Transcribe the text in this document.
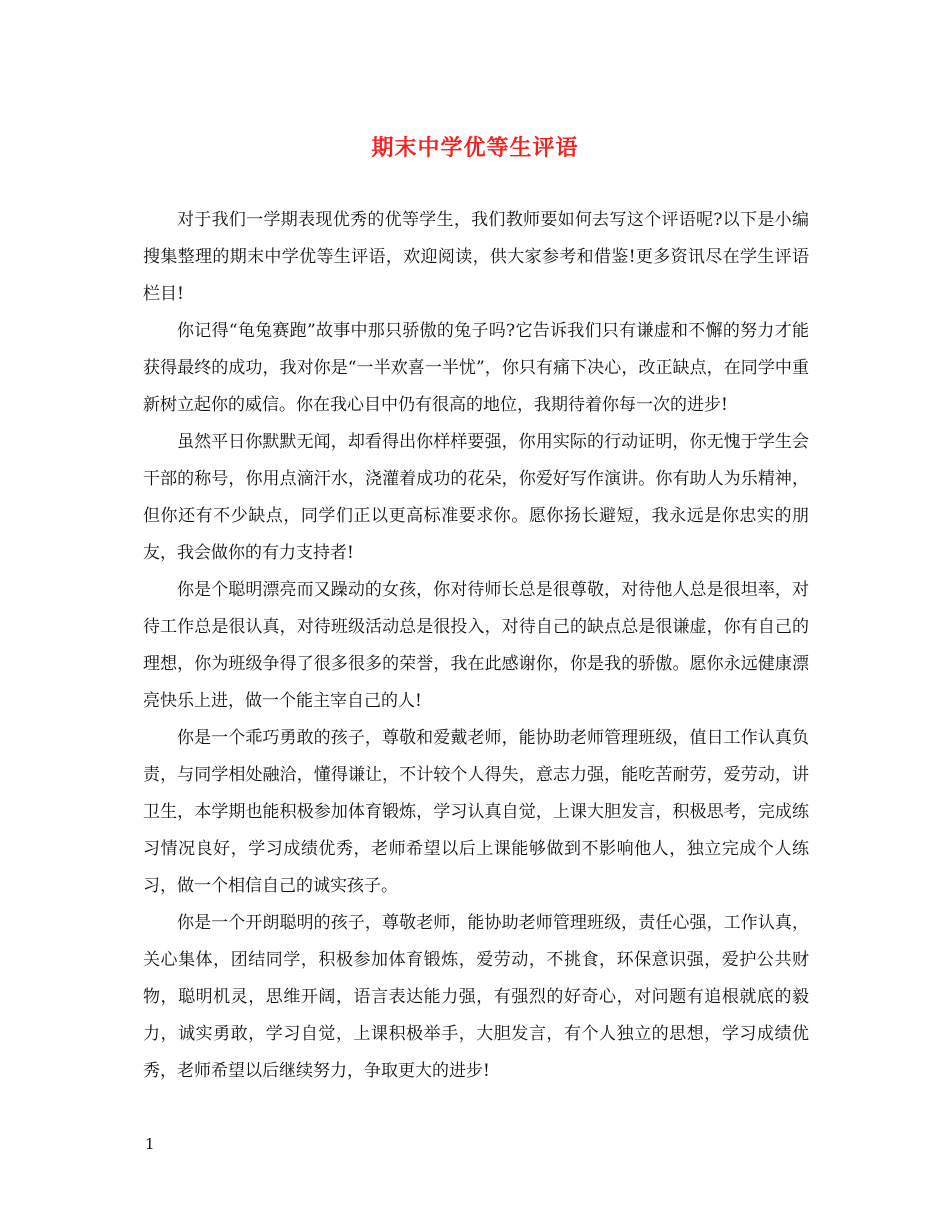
期末中学优等生评语

对于我们一学期表现优秀的优等学生，我们教师要如何去写这个评语呢?以下是小编搜集整理的期末中学优等生评语，欢迎阅读，供大家参考和借鉴!更多资讯尽在学生评语栏目!

你记得“龟兔赛跑”故事中那只骄傲的兔子吗?它告诉我们只有谦虚和不懈的努力才能获得最终的成功，我对你是“一半欢喜一半忧”，你只有痛下决心，改正缺点，在同学中重新树立起你的威信。你在我心目中仍有很高的地位，我期待着你每一次的进步!

虽然平日你默默无闻，却看得出你样样要强，你用实际的行动证明，你无愧于学生会干部的称号，你用点滴汗水，浇灌着成功的花朵，你爱好写作演讲。你有助人为乐精神，但你还有不少缺点，同学们正以更高标准要求你。愿你扬长避短，我永远是你忠实的朋友，我会做你的有力支持者!

你是个聪明漂亮而又躁动的女孩，你对待师长总是很尊敬，对待他人总是很坦率，对待工作总是很认真，对待班级活动总是很投入，对待自己的缺点总是很谦虚，你有自己的理想，你为班级争得了很多很多的荣誉，我在此感谢你，你是我的骄傲。愿你永远健康漂亮快乐上进，做一个能主宰自己的人!

你是一个乖巧勇敢的孩子，尊敬和爱戴老师，能协助老师管理班级，值日工作认真负责，与同学相处融洽，懂得谦让，不计较个人得失，意志力强，能吃苦耐劳，爱劳动，讲卫生，本学期也能积极参加体育锻炼，学习认真自觉，上课大胆发言，积极思考，完成练习情况良好，学习成绩优秀，老师希望以后上课能够做到不影响他人，独立完成个人练习，做一个相信自己的诚实孩子。

你是一个开朗聪明的孩子，尊敬老师，能协助老师管理班级，责任心强，工作认真，关心集体，团结同学，积极参加体育锻炼，爱劳动，不挑食，环保意识强，爱护公共财物，聪明机灵，思维开阔，语言表达能力强，有强烈的好奇心，对问题有追根就底的毅力，诚实勇敢，学习自觉，上课积极举手，大胆发言，有个人独立的思想，学习成绩优秀，老师希望以后继续努力，争取更大的进步!

1
